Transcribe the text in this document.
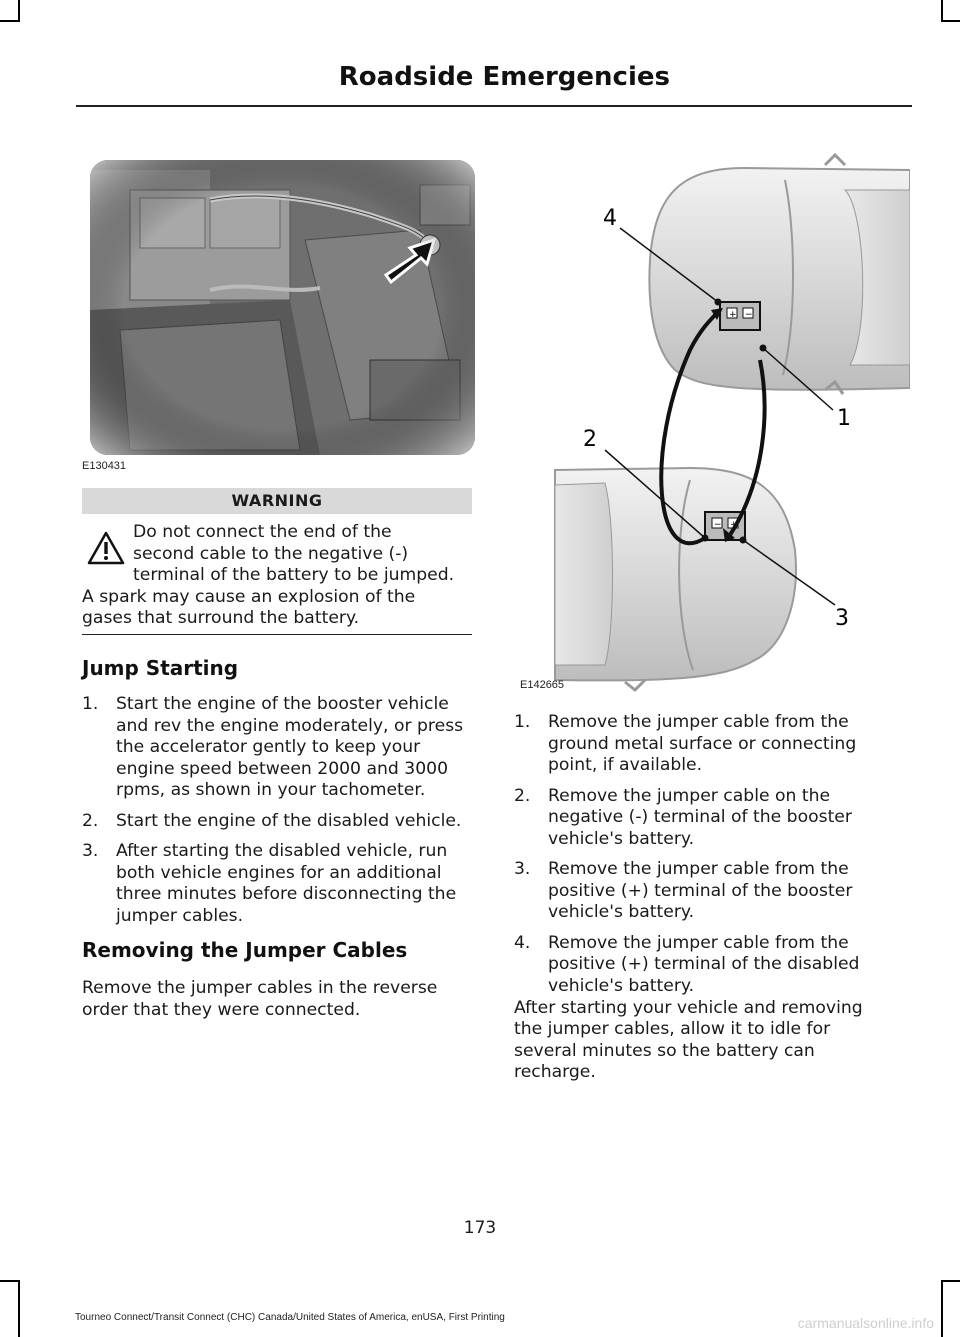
Roadside Emergencies
E130431
WARNING
Do not connect the end of the
second cable to the negative (-)
terminal of the battery to be jumped.
A spark may cause an explosion of the
gases that surround the battery.
Jump Starting
1. Start the engine of the booster vehicle
and rev the engine moderately, or press
the accelerator gently to keep your
engine speed between 2000 and 3000
rpms, as shown in your tachometer.
2. Start the engine of the disabled vehicle.
3. After starting the disabled vehicle, run
both vehicle engines for an additional
three minutes before disconnecting the
jumper cables.
Removing the Jumper Cables
Remove the jumper cables in the reverse
order that they were connected.
+ −
− +
4
1
2
3
E142665
1. Remove the jumper cable from the
ground metal surface or connecting
point, if available.
2. Remove the jumper cable on the
negative (-) terminal of the booster
vehicle's battery.
3. Remove the jumper cable from the
positive (+) terminal of the booster
vehicle's battery.
4. Remove the jumper cable from the
positive (+) terminal of the disabled
vehicle's battery.
After starting your vehicle and removing
the jumper cables, allow it to idle for
several minutes so the battery can
recharge.
173
Tourneo Connect/Transit Connect (CHC) Canada/United States of America, enUSA, First Printing	carmanualsonline.info
